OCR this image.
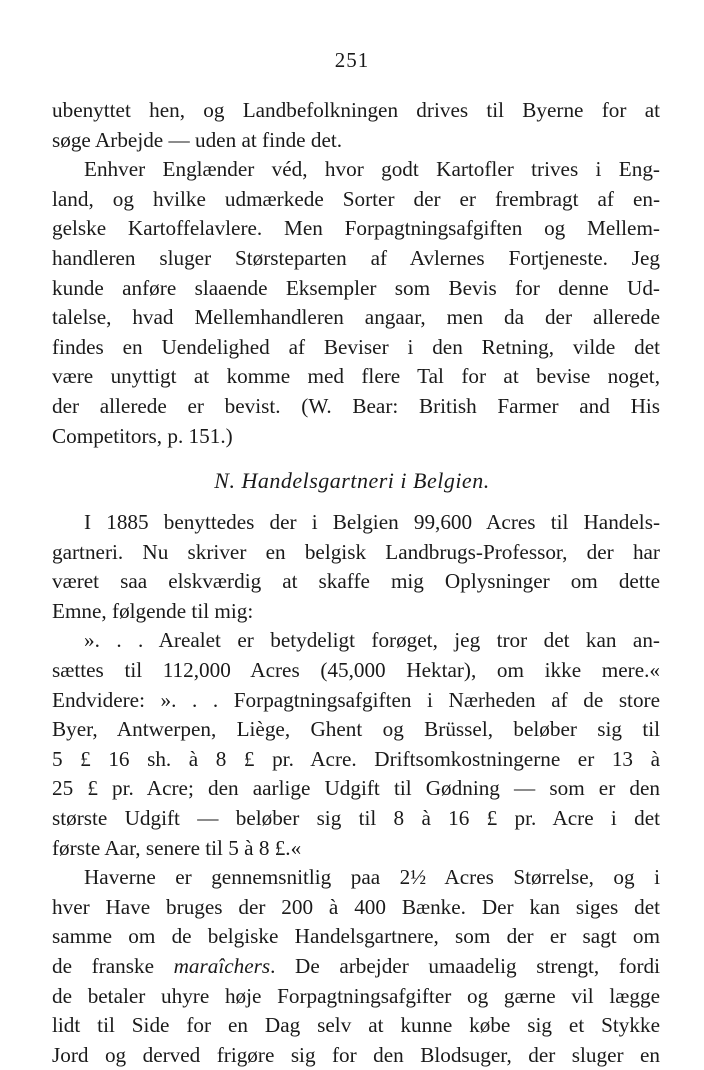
251
ubenyttet hen, og Landbefolkningen drives til Byerne for at
søge Arbejde — uden at finde det.
Enhver Englænder véd, hvor godt Kartofler trives i Eng-
land, og hvilke udmærkede Sorter der er frembragt af en-
gelske Kartoffelavlere. Men Forpagtningsafgiften og Mellem-
handleren sluger Størsteparten af Avlernes Fortjeneste. Jeg
kunde anføre slaaende Eksempler som Bevis for denne Ud-
talelse, hvad Mellemhandleren angaar, men da der allerede
findes en Uendelighed af Beviser i den Retning, vilde det
være unyttigt at komme med flere Tal for at bevise noget,
der allerede er bevist. (W. Bear: British Farmer and His
Competitors, p. 151.)
N. Handelsgartneri i Belgien.
I 1885 benyttedes der i Belgien 99,600 Acres til Handels-
gartneri. Nu skriver en belgisk Landbrugs-Professor, der har
været saa elskværdig at skaffe mig Oplysninger om dette
Emne, følgende til mig:
». . . Arealet er betydeligt forøget, jeg tror det kan an-
sættes til 112,000 Acres (45,000 Hektar), om ikke mere.«
Endvidere: ». . . Forpagtningsafgiften i Nærheden af de store
Byer, Antwerpen, Liège, Ghent og Brüssel, beløber sig til
5 £ 16 sh. à 8 £ pr. Acre. Driftsomkostningerne er 13 à
25 £ pr. Acre; den aarlige Udgift til Gødning — som er den
største Udgift — beløber sig til 8 à 16 £ pr. Acre i det
første Aar, senere til 5 à 8 £.«
Haverne er gennemsnitlig paa 2½ Acres Størrelse, og i
hver Have bruges der 200 à 400 Bænke. Der kan siges det
samme om de belgiske Handelsgartnere, som der er sagt om
de franske maraîchers. De arbejder umaadelig strengt, fordi
de betaler uhyre høje Forpagtningsafgifter og gærne vil lægge
lidt til Side for en Dag selv at kunne købe sig et Stykke
Jord og derved frigøre sig for den Blodsuger, der sluger en
